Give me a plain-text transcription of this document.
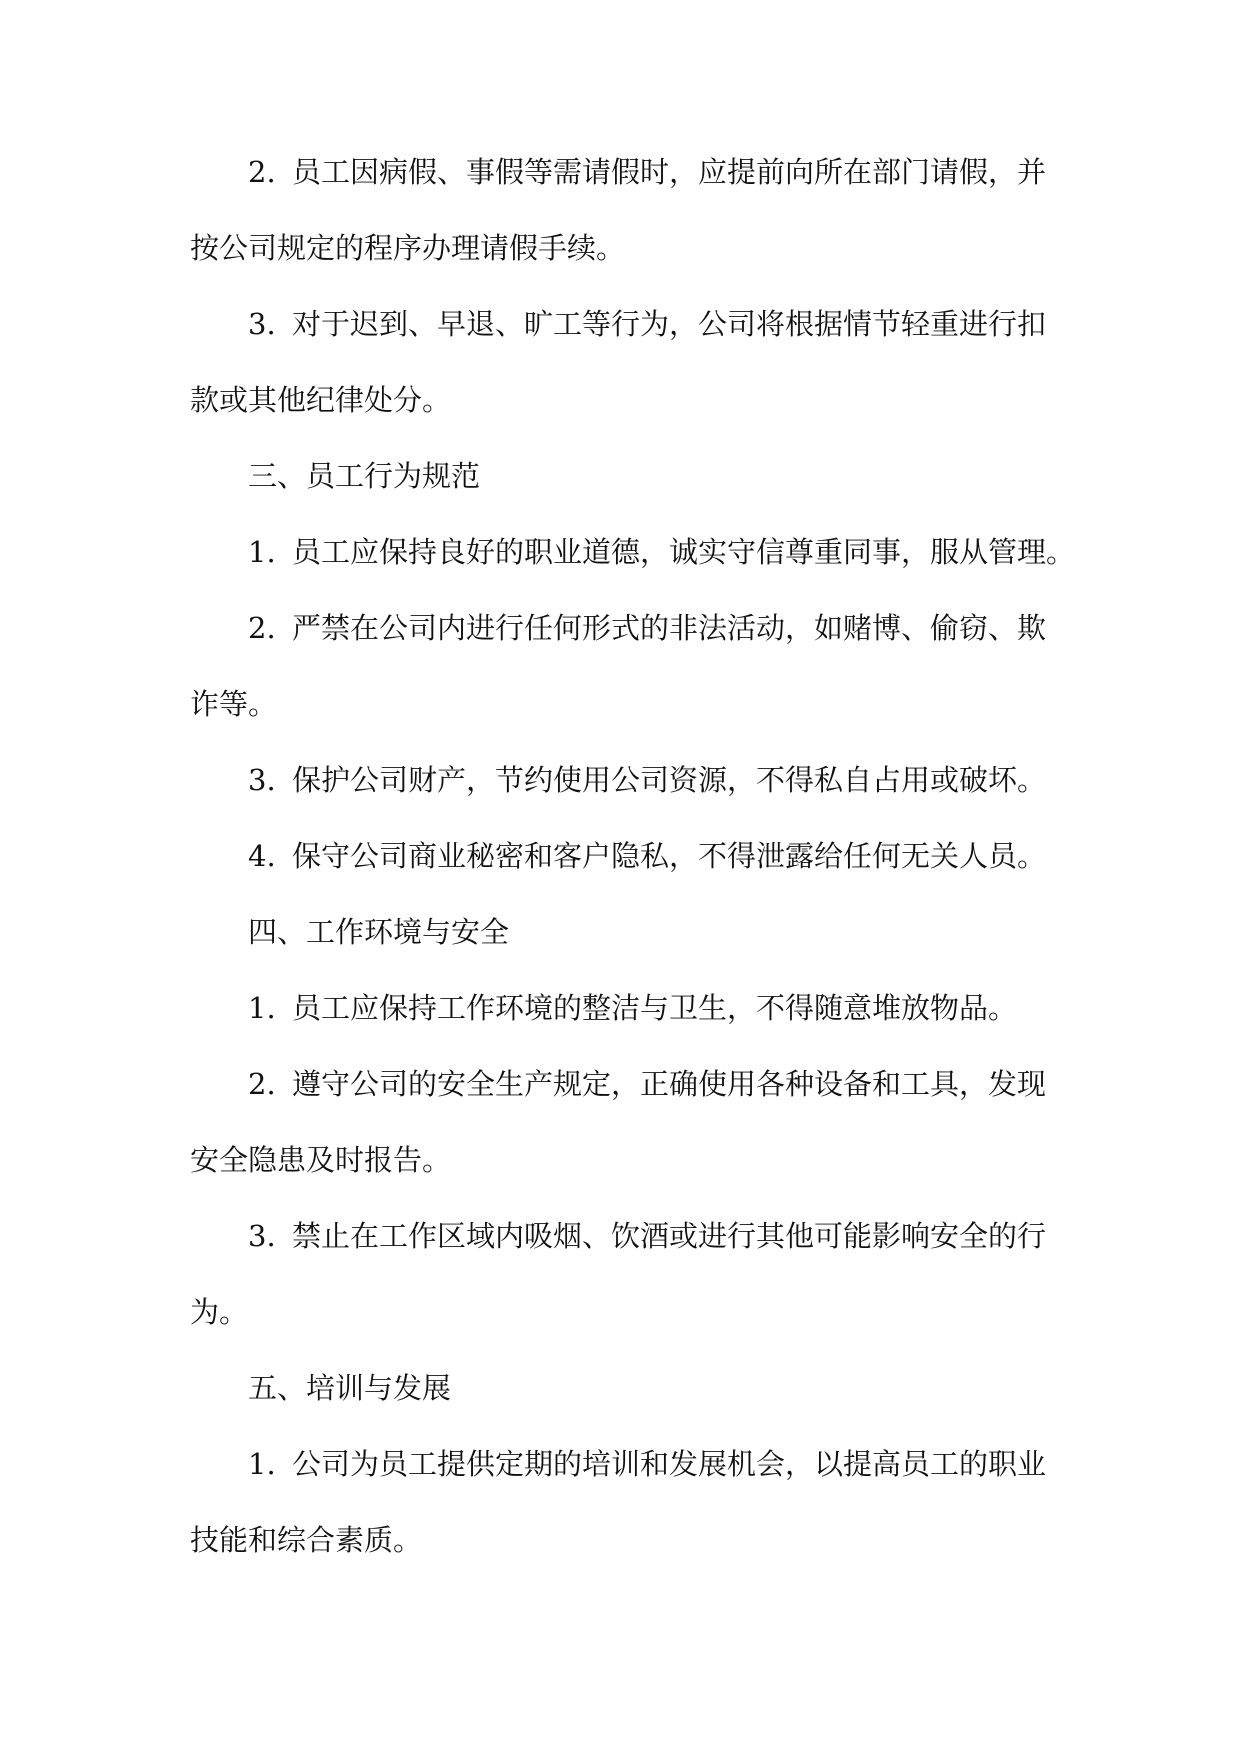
2. 员工因病假、事假等需请假时，应提前向所在部门请假，并
按公司规定的程序办理请假手续。
3. 对于迟到、早退、旷工等行为，公司将根据情节轻重进行扣
款或其他纪律处分。
三、员工行为规范
1. 员工应保持良好的职业道德，诚实守信尊重同事，服从管理。
2. 严禁在公司内进行任何形式的非法活动，如赌博、偷窃、欺
诈等。
3. 保护公司财产，节约使用公司资源，不得私自占用或破坏。
4. 保守公司商业秘密和客户隐私，不得泄露给任何无关人员。
四、工作环境与安全
1. 员工应保持工作环境的整洁与卫生，不得随意堆放物品。
2. 遵守公司的安全生产规定，正确使用各种设备和工具，发现
安全隐患及时报告。
3. 禁止在工作区域内吸烟、饮酒或进行其他可能影响安全的行
为。
五、培训与发展
1. 公司为员工提供定期的培训和发展机会，以提高员工的职业
技能和综合素质。
